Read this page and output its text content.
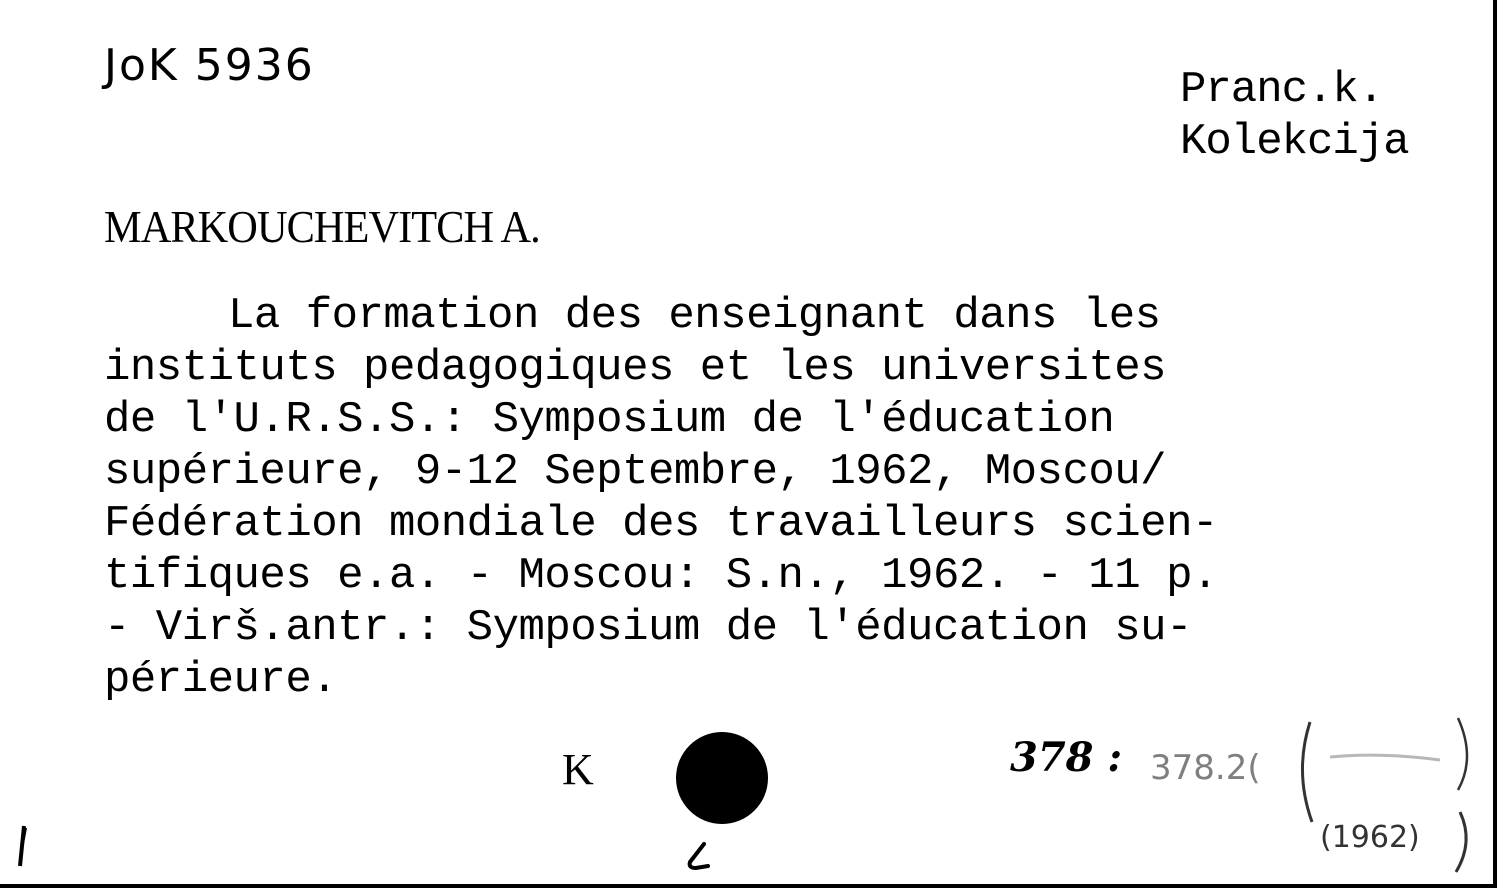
JoK 5936	Pranc.k.
Kolekcija
MARKOUCHEVITCH A.
La formation des enseignant dans les
instituts pedagogiques et les universites
de l'U.R.S.S.: Symposium de l'éducation
supérieure, 9-12 Septembre, 1962, Moscou/
Fédération mondiale des travailleurs scien-
tifiques e.a. - Moscou: S.n., 1962. - 11 p.
- Virš.antr.: Symposium de l'éducation su-
périeure.
K	378 : 378.2(
(1962)
